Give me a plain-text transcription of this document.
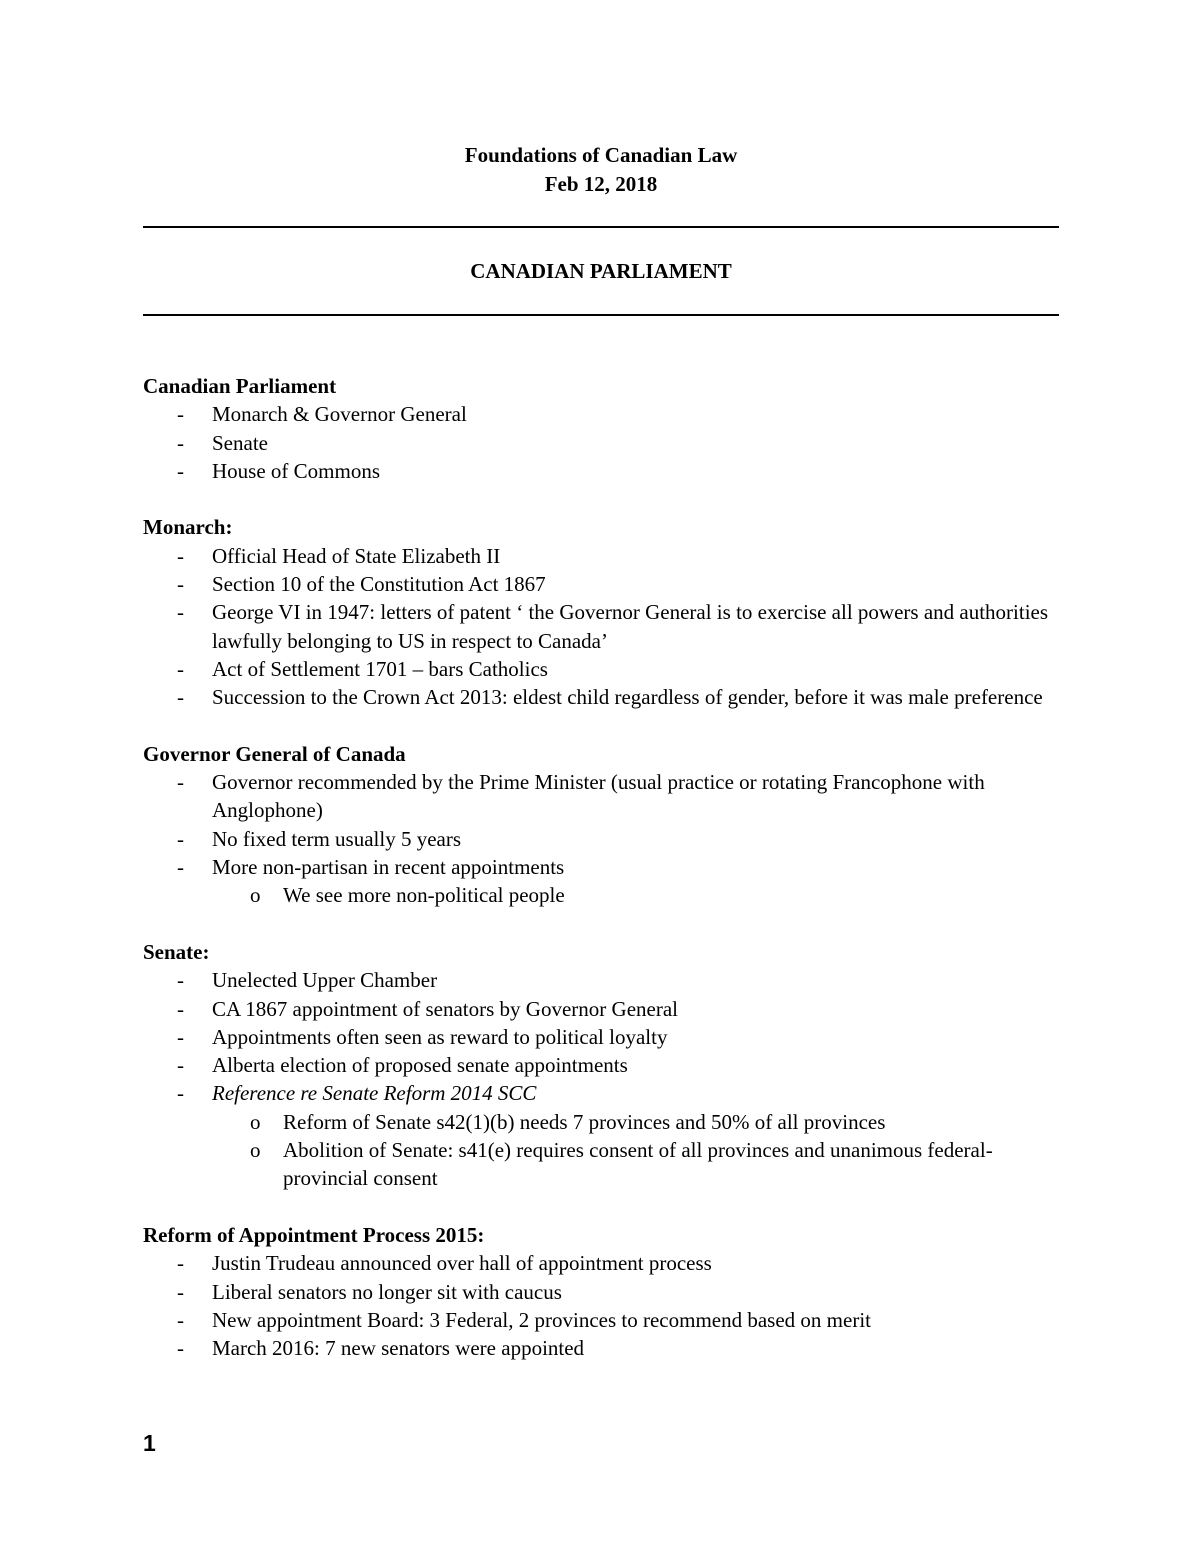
Foundations of Canadian Law
Feb 12, 2018
CANADIAN PARLIAMENT
Canadian Parliament
- Monarch & Governor General
- Senate
- House of Commons
Monarch:
- Official Head of State Elizabeth II
- Section 10 of the Constitution Act 1867
- George VI in 1947: letters of patent ‘ the Governor General is to exercise all powers and authorities lawfully belonging to US in respect to Canada’
- Act of Settlement 1701 – bars Catholics
- Succession to the Crown Act 2013: eldest child regardless of gender, before it was male preference
Governor General of Canada
- Governor recommended by the Prime Minister (usual practice or rotating Francophone with Anglophone)
- No fixed term usually 5 years
- More non-partisan in recent appointments
o We see more non-political people
Senate:
- Unelected Upper Chamber
- CA 1867 appointment of senators by Governor General
- Appointments often seen as reward to political loyalty
- Alberta election of proposed senate appointments
- Reference re Senate Reform 2014 SCC
o Reform of Senate s42(1)(b) needs 7 provinces and 50% of all provinces
o Abolition of Senate: s41(e) requires consent of all provinces and unanimous federal-provincial consent
Reform of Appointment Process 2015:
- Justin Trudeau announced over hall of appointment process
- Liberal senators no longer sit with caucus
- New appointment Board: 3 Federal, 2 provinces to recommend based on merit
- March 2016: 7 new senators were appointed
1
